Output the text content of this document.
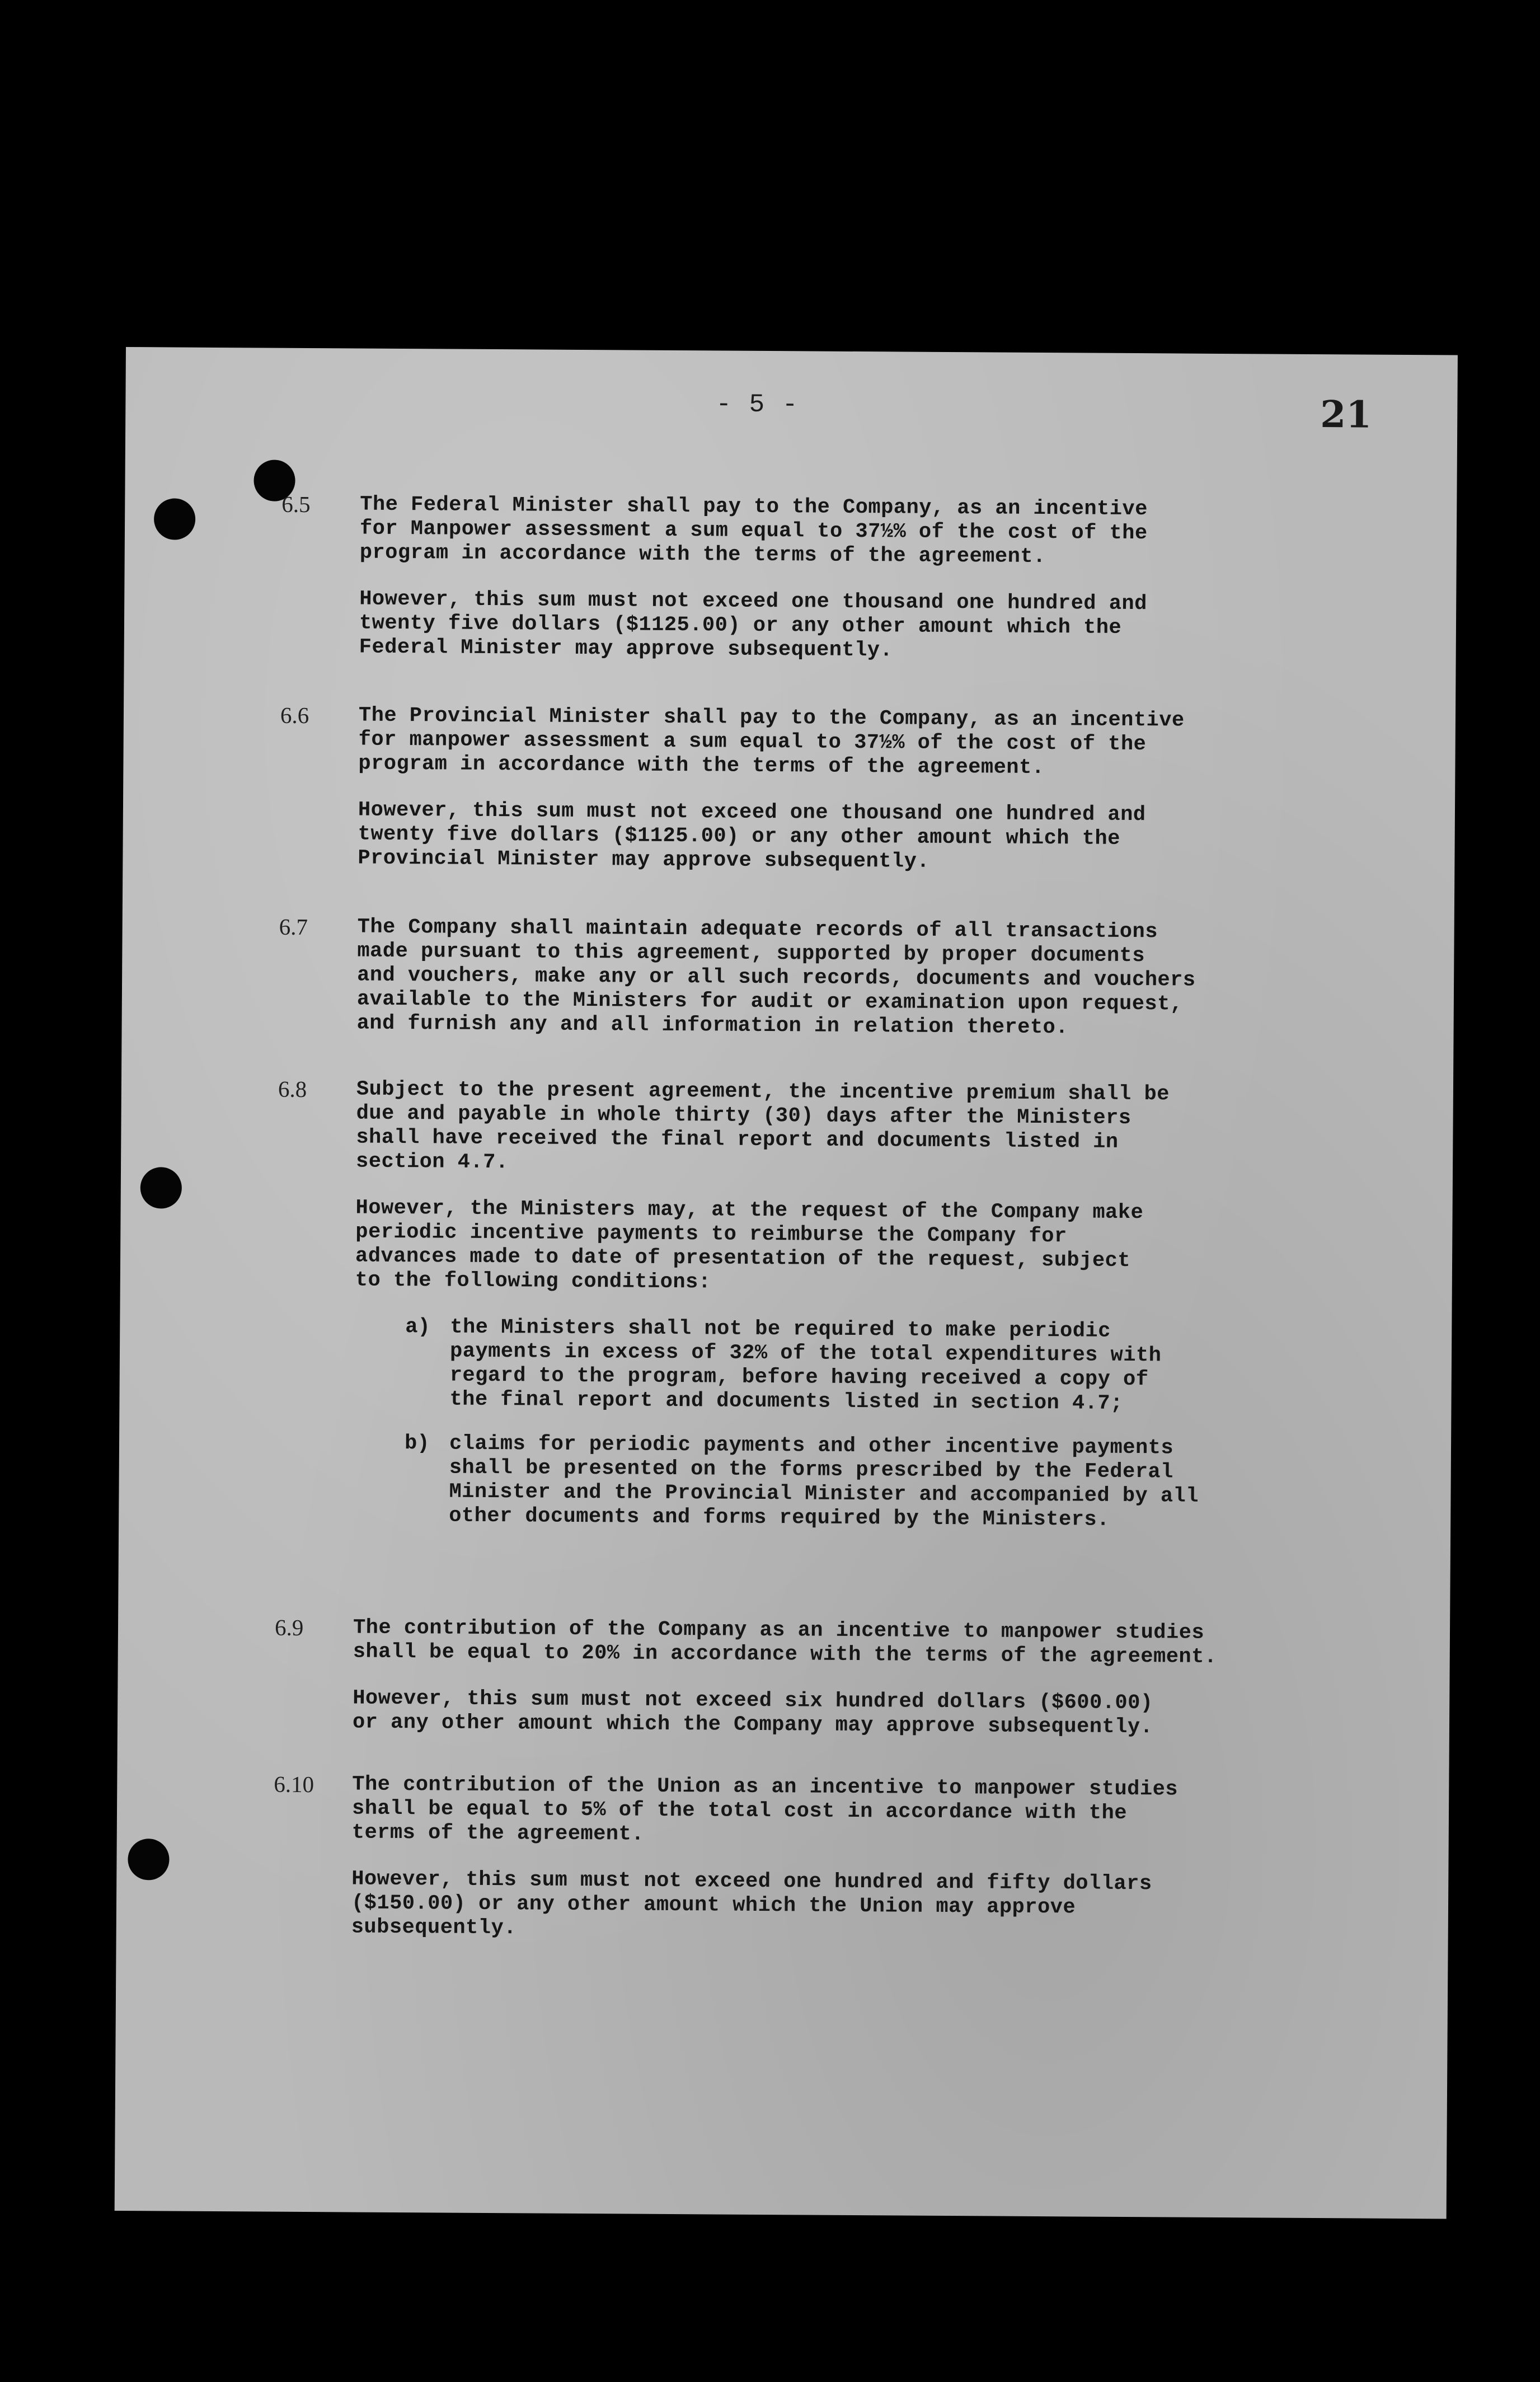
- 5 -	21
6.5	The Federal Minister shall pay to the Company, as an incentive
for Manpower assessment a sum equal to 37½% of the cost of the
program in accordance with the terms of the agreement.

However, this sum must not exceed one thousand one hundred and
twenty five dollars ($1125.00) or any other amount which the
Federal Minister may approve subsequently.

6.6	The Provincial Minister shall pay to the Company, as an incentive
for manpower assessment a sum equal to 37½% of the cost of the
program in accordance with the terms of the agreement.

However, this sum must not exceed one thousand one hundred and
twenty five dollars ($1125.00) or any other amount which the
Provincial Minister may approve subsequently.

6.7	The Company shall maintain adequate records of all transactions
made pursuant to this agreement, supported by proper documents
and vouchers, make any or all such records, documents and vouchers
available to the Ministers for audit or examination upon request,
and furnish any and all information in relation thereto.

6.8	Subject to the present agreement, the incentive premium shall be
due and payable in whole thirty (30) days after the Ministers
shall have received the final report and documents listed in
section 4.7.

However, the Ministers may, at the request of the Company make
periodic incentive payments to reimburse the Company for
advances made to date of presentation of the request, subject
to the following conditions:

a) the Ministers shall not be required to make periodic
payments in excess of 32% of the total expenditures with
regard to the program, before having received a copy of
the final report and documents listed in section 4.7;

b) claims for periodic payments and other incentive payments
shall be presented on the forms prescribed by the Federal
Minister and the Provincial Minister and accompanied by all
other documents and forms required by the Ministers.

6.9	The contribution of the Company as an incentive to manpower studies
shall be equal to 20% in accordance with the terms of the agreement.

However, this sum must not exceed six hundred dollars ($600.00)
or any other amount which the Company may approve subsequently.

6.10	The contribution of the Union as an incentive to manpower studies
shall be equal to 5% of the total cost in accordance with the
terms of the agreement.

However, this sum must not exceed one hundred and fifty dollars
($150.00) or any other amount which the Union may approve
subsequently.
